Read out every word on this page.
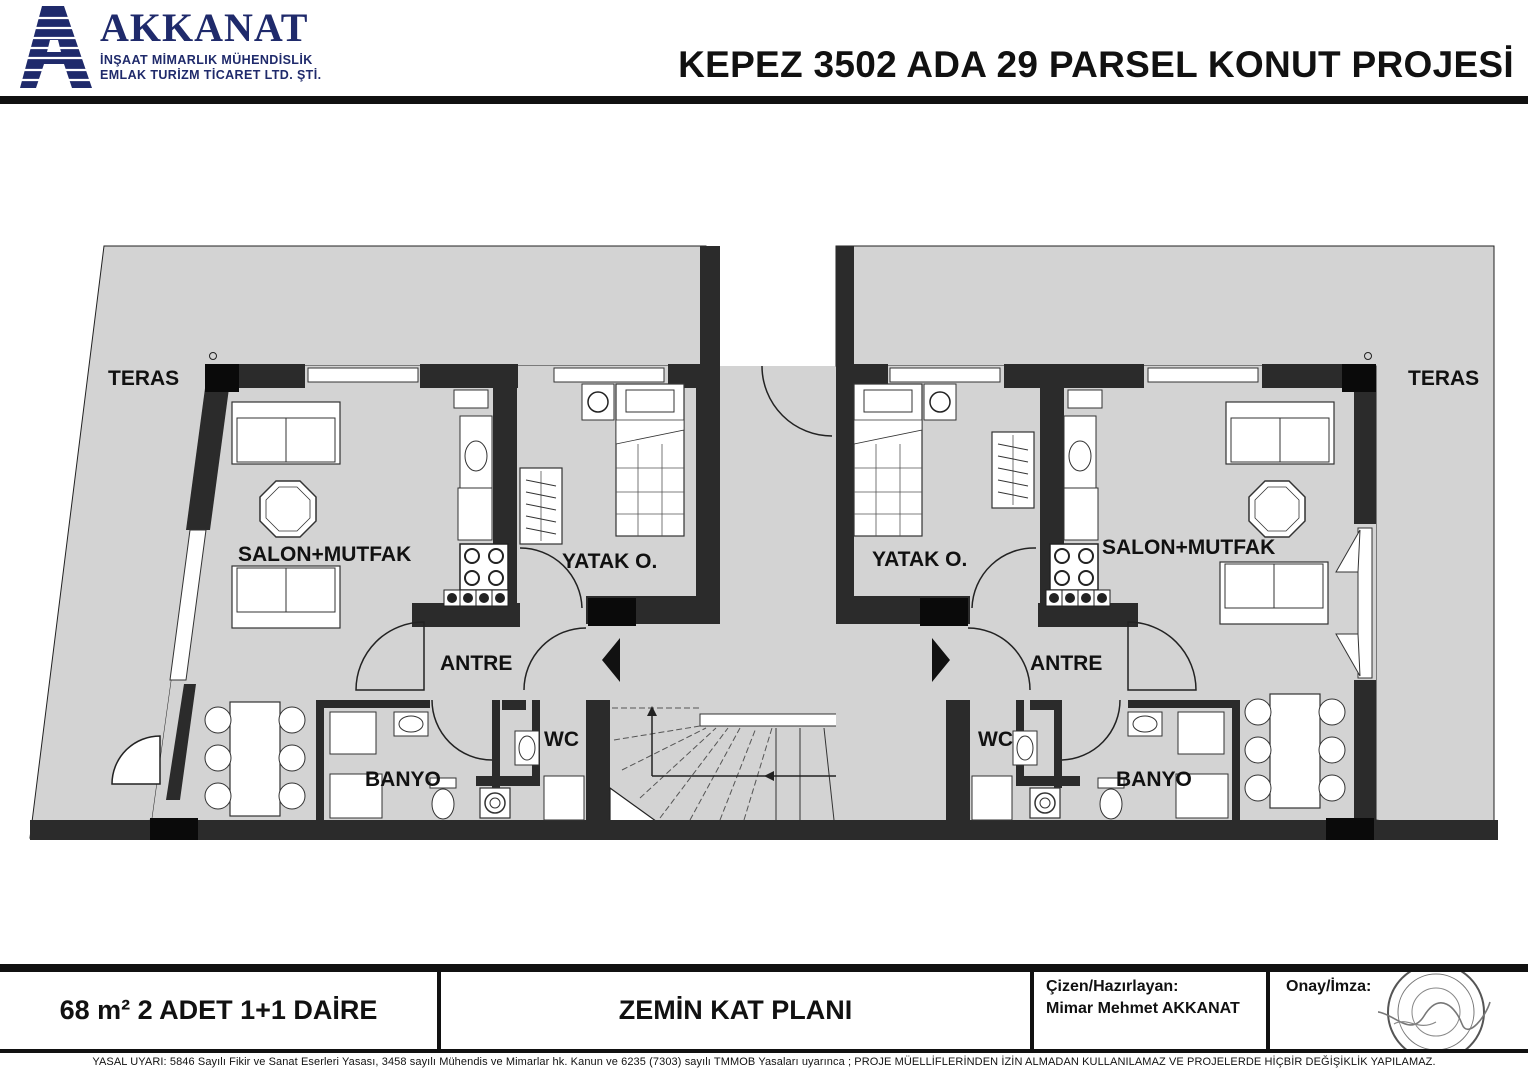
AKKANAT
İNŞAAT MİMARLIK MÜHENDİSLİK
EMLAK TURİZM TİCARET LTD. ŞTİ.	KEPEZ 3502 ADA 29 PARSEL KONUT PROJESİ
TERAS
SALON+MUTFAK	YATAK O.
ANTRE
BANYO
WC
TERAS
SALON+MUTFAK
YATAK O.
ANTRE
BANYO
WC
68 m² 2 ADET 1+1 DAİRE	ZEMİN KAT PLANI
Çizen/Hazırlayan:
Mimar Mehmet AKKANAT
Onay/İmza:
YASAL UYARI: 5846 Sayılı Fikir ve Sanat Eserleri Yasası, 3458 sayılı Mühendis ve Mimarlar hk. Kanun ve 6235 (7303) sayılı TMMOB Yasaları uyarınca ; PROJE MÜELLİFLERİNDEN İZİN ALMADAN KULLANILAMAZ VE PROJELERDE HİÇBİR DEĞİŞİKLİK YAPILAMAZ.
